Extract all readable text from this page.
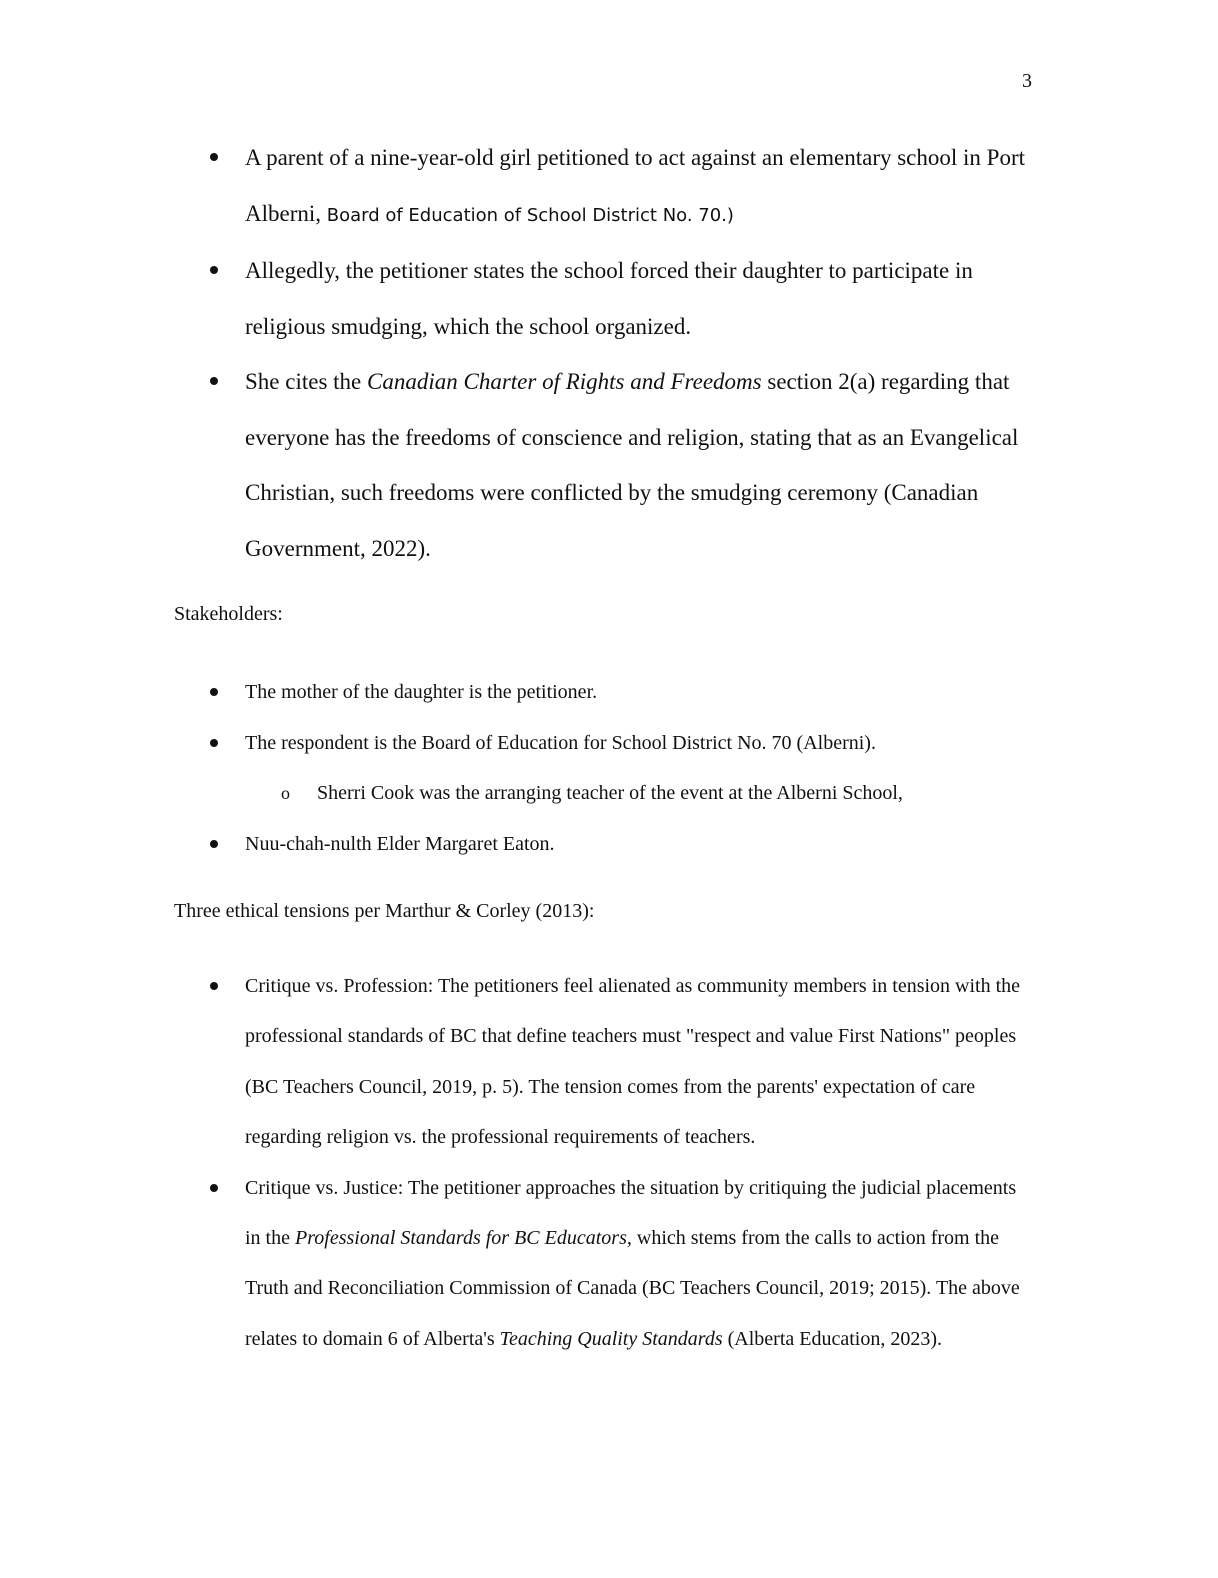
3
A parent of a nine-year-old girl petitioned to act against an elementary school in Port Alberni, Board of Education of School District No. 70.)
Allegedly, the petitioner states the school forced their daughter to participate in religious smudging, which the school organized.
She cites the Canadian Charter of Rights and Freedoms section 2(a) regarding that everyone has the freedoms of conscience and religion, stating that as an Evangelical Christian, such freedoms were conflicted by the smudging ceremony (Canadian Government, 2022).
Stakeholders:
The mother of the daughter is the petitioner.
The respondent is the Board of Education for School District No. 70 (Alberni).
o Sherri Cook was the arranging teacher of the event at the Alberni School,
Nuu-chah-nulth Elder Margaret Eaton.
Three ethical tensions per Marthur & Corley (2013):
Critique vs. Profession: The petitioners feel alienated as community members in tension with the professional standards of BC that define teachers must "respect and value First Nations" peoples (BC Teachers Council, 2019, p. 5). The tension comes from the parents' expectation of care regarding religion vs. the professional requirements of teachers.
Critique vs. Justice: The petitioner approaches the situation by critiquing the judicial placements in the Professional Standards for BC Educators, which stems from the calls to action from the Truth and Reconciliation Commission of Canada (BC Teachers Council, 2019; 2015). The above relates to domain 6 of Alberta's Teaching Quality Standards (Alberta Education, 2023).
